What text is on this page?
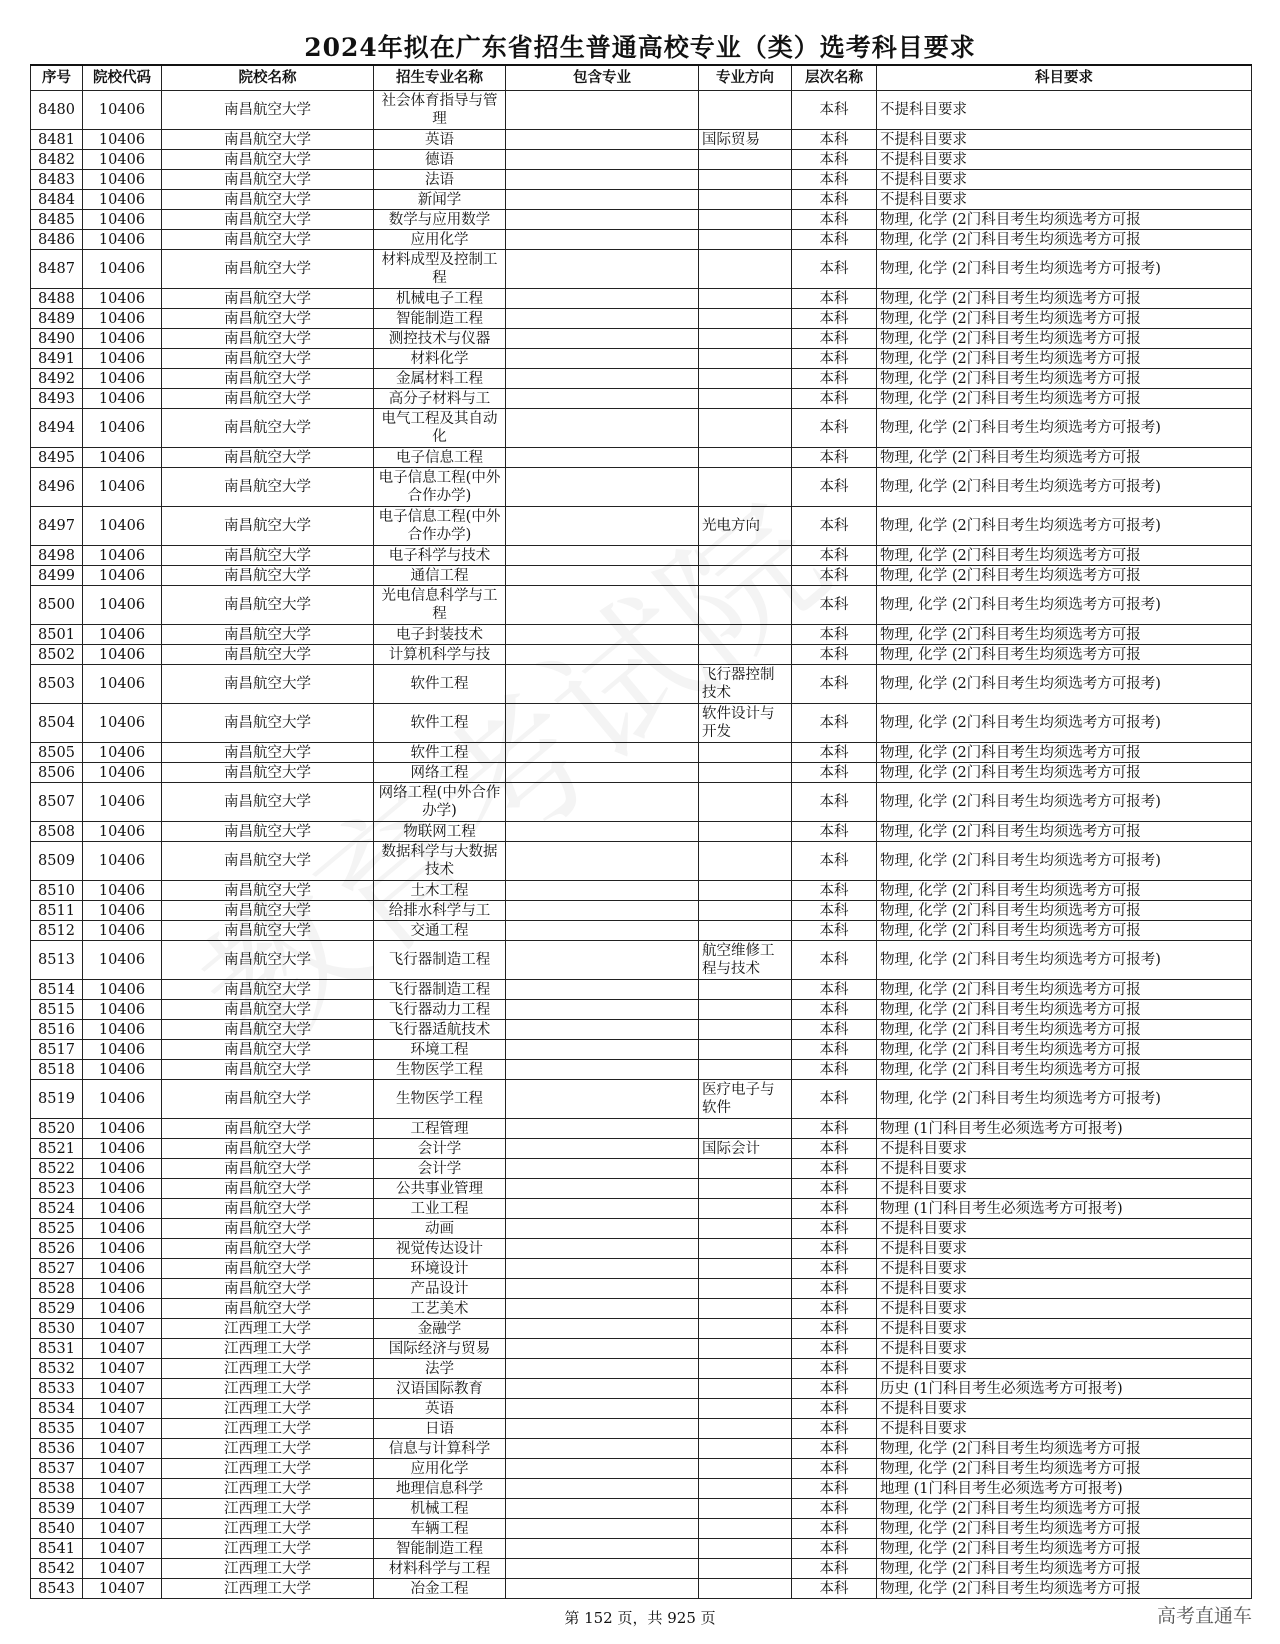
2024年拟在广东省招生普通高校专业（类）选考科目要求
序号	院校代码	院校名称	招生专业名称	包含专业	专业方向	层次名称	科目要求
8480	10406	南昌航空大学	社会体育指导与管理			本科	不提科目要求
8481	10406	南昌航空大学	英语		国际贸易	本科	不提科目要求
8482	10406	南昌航空大学	德语			本科	不提科目要求
8483	10406	南昌航空大学	法语			本科	不提科目要求
8484	10406	南昌航空大学	新闻学			本科	不提科目要求
8485	10406	南昌航空大学	数学与应用数学			本科	物理, 化学 (2门科目考生均须选考方可报
8486	10406	南昌航空大学	应用化学			本科	物理, 化学 (2门科目考生均须选考方可报
8487	10406	南昌航空大学	材料成型及控制工程			本科	物理, 化学 (2门科目考生均须选考方可报考)
8488	10406	南昌航空大学	机械电子工程			本科	物理, 化学 (2门科目考生均须选考方可报
8489	10406	南昌航空大学	智能制造工程			本科	物理, 化学 (2门科目考生均须选考方可报
8490	10406	南昌航空大学	测控技术与仪器			本科	物理, 化学 (2门科目考生均须选考方可报
8491	10406	南昌航空大学	材料化学			本科	物理, 化学 (2门科目考生均须选考方可报
8492	10406	南昌航空大学	金属材料工程			本科	物理, 化学 (2门科目考生均须选考方可报
8493	10406	南昌航空大学	高分子材料与工			本科	物理, 化学 (2门科目考生均须选考方可报
8494	10406	南昌航空大学	电气工程及其自动化			本科	物理, 化学 (2门科目考生均须选考方可报考)
8495	10406	南昌航空大学	电子信息工程			本科	物理, 化学 (2门科目考生均须选考方可报
8496	10406	南昌航空大学	电子信息工程(中外合作办学)			本科	物理, 化学 (2门科目考生均须选考方可报考)
8497	10406	南昌航空大学	电子信息工程(中外合作办学)		光电方向	本科	物理, 化学 (2门科目考生均须选考方可报考)
8498	10406	南昌航空大学	电子科学与技术			本科	物理, 化学 (2门科目考生均须选考方可报
8499	10406	南昌航空大学	通信工程			本科	物理, 化学 (2门科目考生均须选考方可报
8500	10406	南昌航空大学	光电信息科学与工程			本科	物理, 化学 (2门科目考生均须选考方可报考)
8501	10406	南昌航空大学	电子封装技术			本科	物理, 化学 (2门科目考生均须选考方可报
8502	10406	南昌航空大学	计算机科学与技			本科	物理, 化学 (2门科目考生均须选考方可报
8503	10406	南昌航空大学	软件工程		飞行器控制技术	本科	物理, 化学 (2门科目考生均须选考方可报考)
8504	10406	南昌航空大学	软件工程		软件设计与开发	本科	物理, 化学 (2门科目考生均须选考方可报考)
8505	10406	南昌航空大学	软件工程			本科	物理, 化学 (2门科目考生均须选考方可报
8506	10406	南昌航空大学	网络工程			本科	物理, 化学 (2门科目考生均须选考方可报
8507	10406	南昌航空大学	网络工程(中外合作办学)			本科	物理, 化学 (2门科目考生均须选考方可报考)
8508	10406	南昌航空大学	物联网工程			本科	物理, 化学 (2门科目考生均须选考方可报
8509	10406	南昌航空大学	数据科学与大数据技术			本科	物理, 化学 (2门科目考生均须选考方可报考)
8510	10406	南昌航空大学	土木工程			本科	物理, 化学 (2门科目考生均须选考方可报
8511	10406	南昌航空大学	给排水科学与工			本科	物理, 化学 (2门科目考生均须选考方可报
8512	10406	南昌航空大学	交通工程			本科	物理, 化学 (2门科目考生均须选考方可报
8513	10406	南昌航空大学	飞行器制造工程		航空维修工程与技术	本科	物理, 化学 (2门科目考生均须选考方可报考)
8514	10406	南昌航空大学	飞行器制造工程			本科	物理, 化学 (2门科目考生均须选考方可报
8515	10406	南昌航空大学	飞行器动力工程			本科	物理, 化学 (2门科目考生均须选考方可报
8516	10406	南昌航空大学	飞行器适航技术			本科	物理, 化学 (2门科目考生均须选考方可报
8517	10406	南昌航空大学	环境工程			本科	物理, 化学 (2门科目考生均须选考方可报
8518	10406	南昌航空大学	生物医学工程			本科	物理, 化学 (2门科目考生均须选考方可报
8519	10406	南昌航空大学	生物医学工程		医疗电子与软件	本科	物理, 化学 (2门科目考生均须选考方可报考)
8520	10406	南昌航空大学	工程管理			本科	物理 (1门科目考生必须选考方可报考)
8521	10406	南昌航空大学	会计学		国际会计	本科	不提科目要求
8522	10406	南昌航空大学	会计学			本科	不提科目要求
8523	10406	南昌航空大学	公共事业管理			本科	不提科目要求
8524	10406	南昌航空大学	工业工程			本科	物理 (1门科目考生必须选考方可报考)
8525	10406	南昌航空大学	动画			本科	不提科目要求
8526	10406	南昌航空大学	视觉传达设计			本科	不提科目要求
8527	10406	南昌航空大学	环境设计			本科	不提科目要求
8528	10406	南昌航空大学	产品设计			本科	不提科目要求
8529	10406	南昌航空大学	工艺美术			本科	不提科目要求
8530	10407	江西理工大学	金融学			本科	不提科目要求
8531	10407	江西理工大学	国际经济与贸易			本科	不提科目要求
8532	10407	江西理工大学	法学			本科	不提科目要求
8533	10407	江西理工大学	汉语国际教育			本科	历史 (1门科目考生必须选考方可报考)
8534	10407	江西理工大学	英语			本科	不提科目要求
8535	10407	江西理工大学	日语			本科	不提科目要求
8536	10407	江西理工大学	信息与计算科学			本科	物理, 化学 (2门科目考生均须选考方可报
8537	10407	江西理工大学	应用化学			本科	物理, 化学 (2门科目考生均须选考方可报
8538	10407	江西理工大学	地理信息科学			本科	地理 (1门科目考生必须选考方可报考)
8539	10407	江西理工大学	机械工程			本科	物理, 化学 (2门科目考生均须选考方可报
8540	10407	江西理工大学	车辆工程			本科	物理, 化学 (2门科目考生均须选考方可报
8541	10407	江西理工大学	智能制造工程			本科	物理, 化学 (2门科目考生均须选考方可报
8542	10407	江西理工大学	材料科学与工程			本科	物理, 化学 (2门科目考生均须选考方可报
8543	10407	江西理工大学	冶金工程			本科	物理, 化学 (2门科目考生均须选考方可报
第 152 页，共 925 页	高考直通车
